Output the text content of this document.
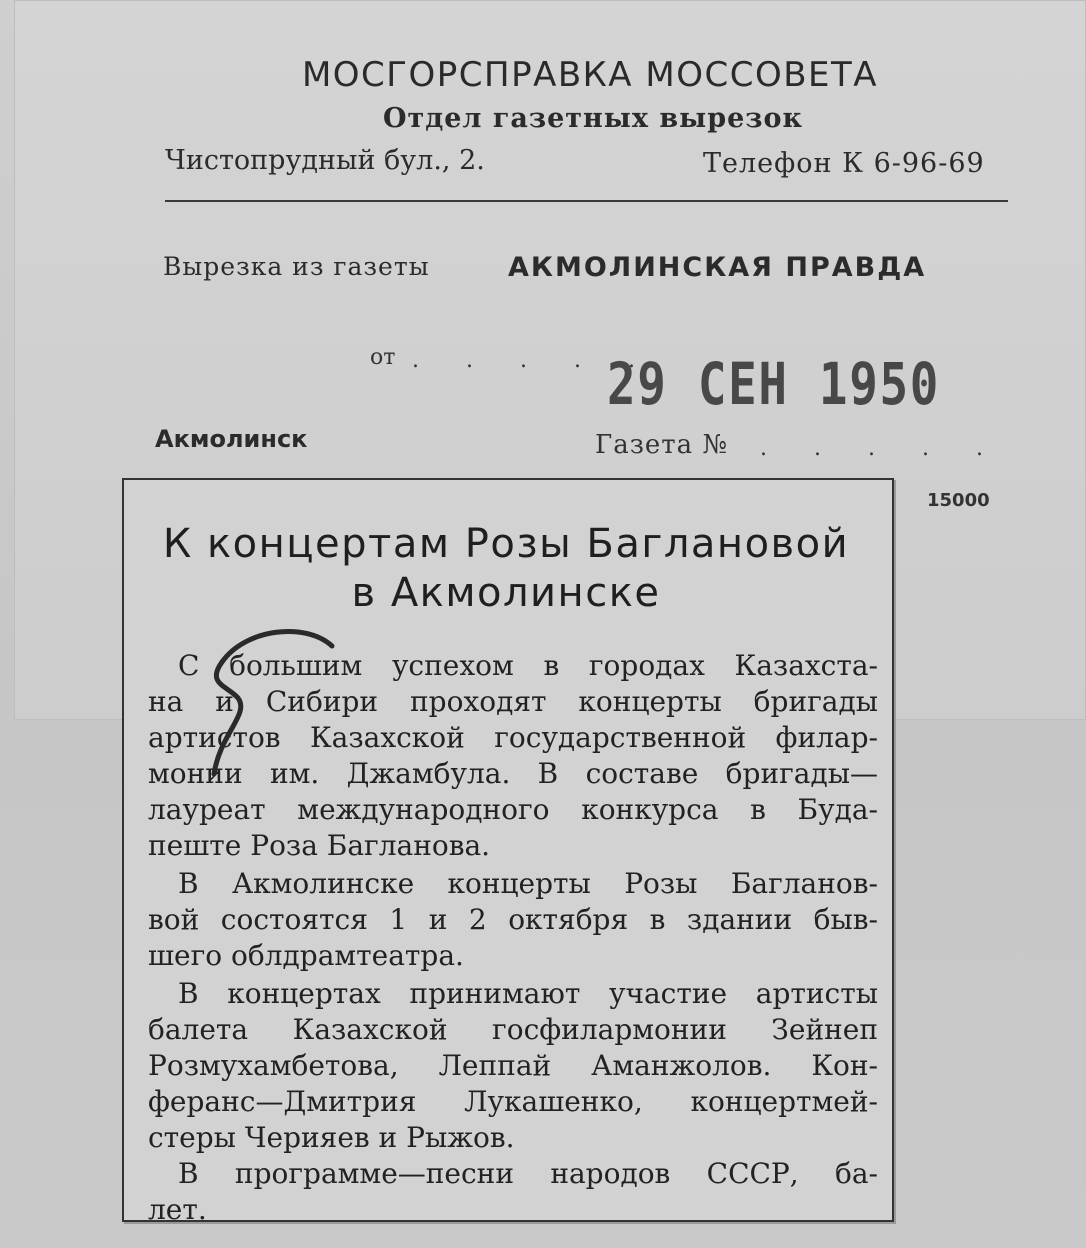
МОСГОРСПРАВКА МОССОВЕТА
Отдел газетных вырезок
Чистопрудный бул., 2.	Телефон К 6-96-69
Вырезка из газеты	АКМОЛИНСКАЯ ПРАВДА
от . . . . .
29 СЕН 1950
Акмолинск	Газета № . . . . .
15000
К концертам Розы Баглановой
в Акмолинске
С большим успехом в городах Казахста-
на и Сибири проходят концерты бригады
артистов Казахской государственной филар-
монии им. Джамбула. В составе бригады—
лауреат международного конкурса в Буда-
пеште Роза Багланова.
В Акмолинске концерты Розы Багланов-
вой состоятся 1 и 2 октября в здании быв-
шего облдрамтеатра.
В концертах принимают участие артисты
балета Казахской госфилармонии Зейнеп
Розмухамбетова, Леппай Аманжолов. Кон-
феранс—Дмитрия Лукашенко, концертмей-
стеры Черияев и Рыжов.
В программе—песни народов СССР, ба-
лет.
